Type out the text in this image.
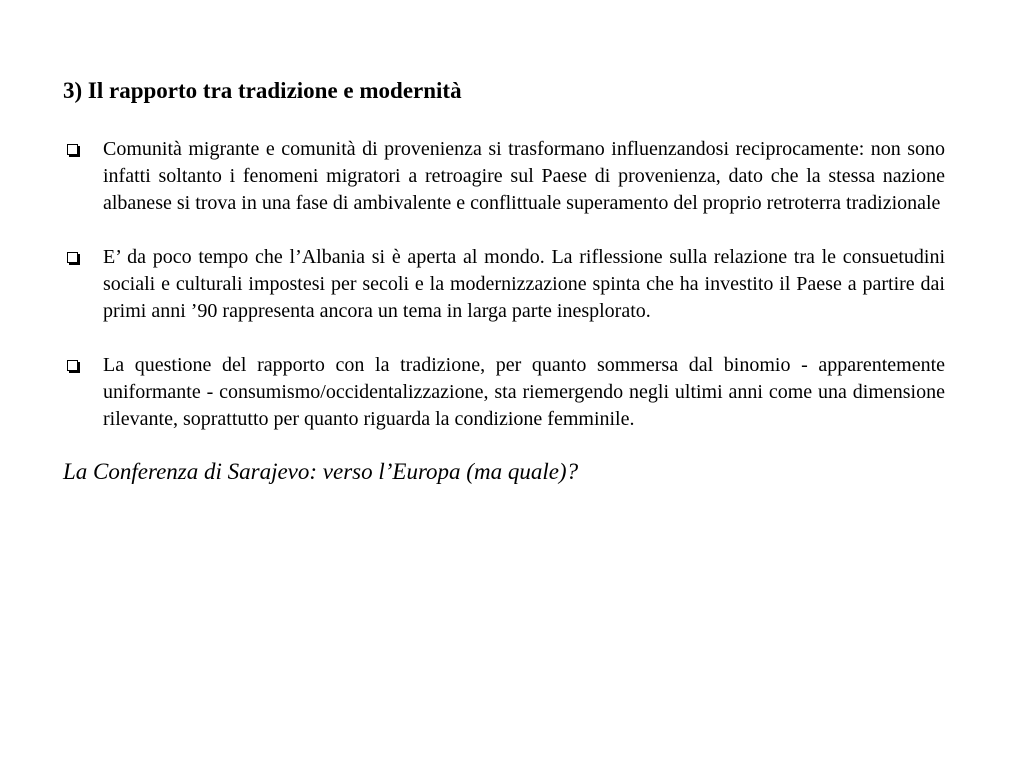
3) Il rapporto tra tradizione e modernità
Comunità migrante e comunità di provenienza si trasformano influenzandosi reciprocamente: non sono infatti soltanto i fenomeni migratori a retroagire sul Paese di provenienza, dato che la stessa nazione albanese si trova in una fase di ambivalente e conflittuale superamento del proprio retroterra tradizionale
E’ da poco tempo che l’Albania si è aperta al mondo. La riflessione sulla relazione tra le consuetudini sociali e culturali impostesi per secoli e la modernizzazione spinta che ha investito il Paese a partire dai primi anni ’90 rappresenta ancora un tema in larga parte inesplorato.
La questione del rapporto con la tradizione, per quanto sommersa dal binomio - apparentemente uniformante - consumismo/occidentalizzazione, sta riemergendo negli ultimi anni come una dimensione rilevante, soprattutto per quanto riguarda la condizione femminile.
La Conferenza di Sarajevo: verso l’Europa (ma quale)?
